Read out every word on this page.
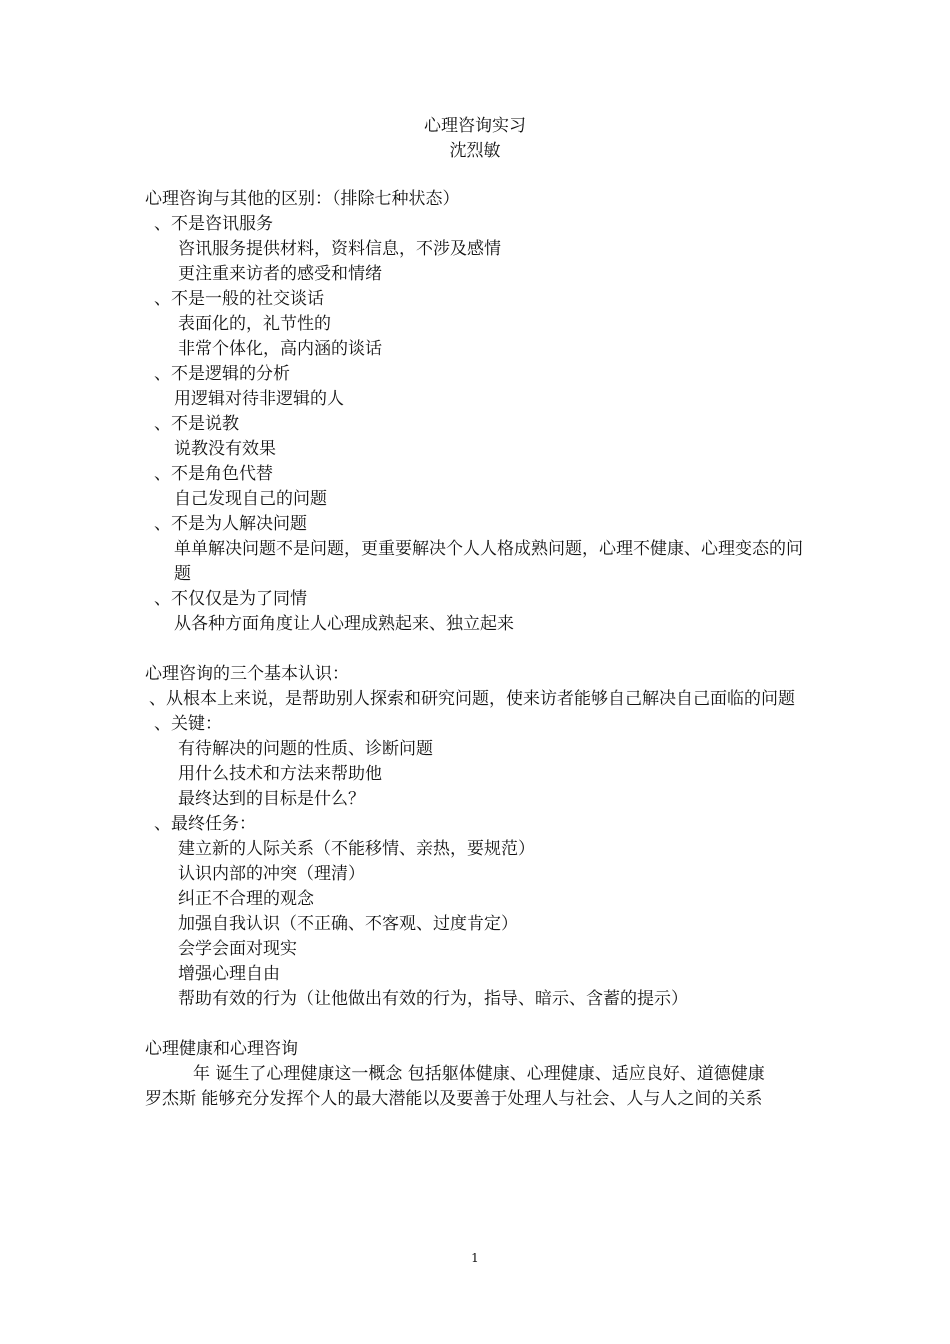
心理咨询实习
沈烈敏
心理咨询与其他的区别：（排除七种状态）
、不是咨讯服务
咨讯服务提供材料，资料信息，不涉及感情
更注重来访者的感受和情绪
、不是一般的社交谈话
表面化的，礼节性的
非常个体化，高内涵的谈话
、不是逻辑的分析
用逻辑对待非逻辑的人
、不是说教
说教没有效果
、不是角色代替
自己发现自己的问题
、不是为人解决问题
单单解决问题不是问题，更重要解决个人人格成熟问题，心理不健康、心理变态的问题
、不仅仅是为了同情
从各种方面角度让人心理成熟起来、独立起来
心理咨询的三个基本认识：
、从根本上来说，是帮助别人探索和研究问题，使来访者能够自己解决自己面临的问题
、关键：
有待解决的问题的性质、诊断问题
用什么技术和方法来帮助他
最终达到的目标是什么？
、最终任务：
建立新的人际关系（不能移情、亲热，要规范）
认识内部的冲突（理清）
纠正不合理的观念
加强自我认识（不正确、不客观、过度肯定）
会学会面对现实
增强心理自由
帮助有效的行为（让他做出有效的行为，指导、暗示、含蓄的提示）
心理健康和心理咨询
年 诞生了心理健康这一概念 包括躯体健康、心理健康、适应良好、道德健康
罗杰斯 能够充分发挥个人的最大潜能以及要善于处理人与社会、人与人之间的关系
1
